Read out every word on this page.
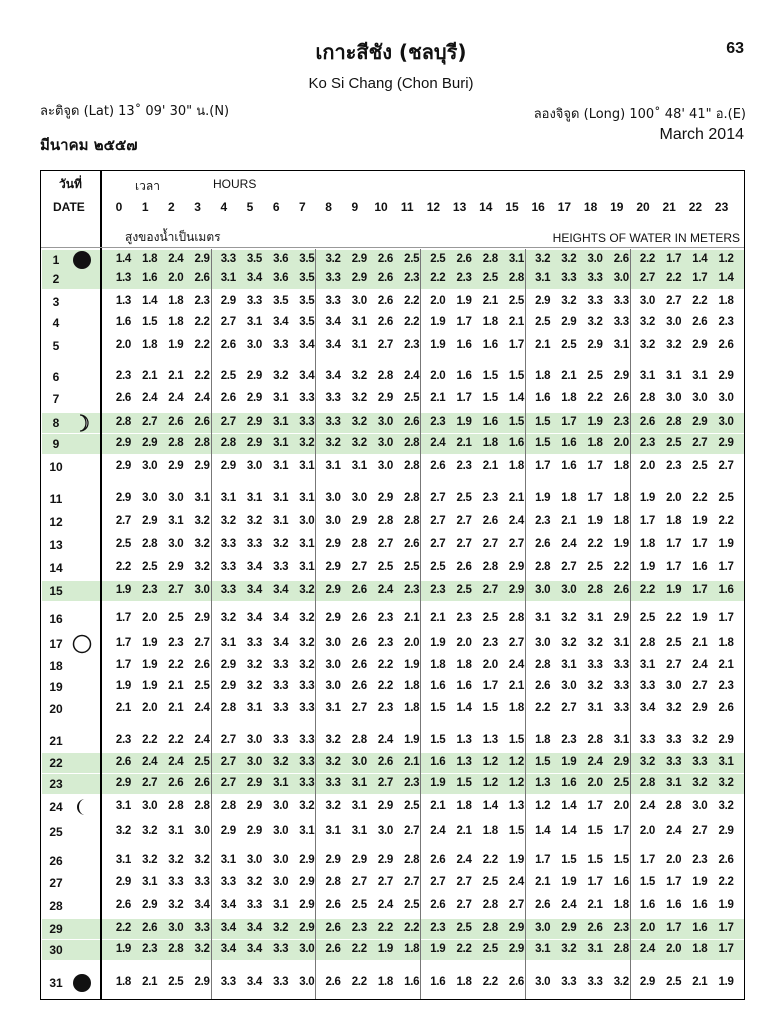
เกาะสีชัง (ชลบุรี)	63
Ko Si Chang (Chon Buri)
ละติจูด (Lat) 13˚ 09' 30" น.(N)	ลองจิจูด (Long) 100˚ 48' 41" อ.(E)
มีนาคม ๒๕๕๗
March 2014
วันที่
DATE
เวลา	HOURS
สูงของน้ำเป็นเมตร	HEIGHTS OF WATER IN METERS
0	1	2	3	4	5	6	7	8	9	10	11	12	13	14	15	16	17	18	19	20	21	22	23
1	1.4 1.8 2.4 2.9 3.3 3.5 3.6 3.5 3.2 2.9 2.6 2.5 2.5 2.6 2.8 3.1 3.2 3.2 3.0 2.6 2.2 1.7 1.4 1.2
2	1.3 1.6 2.0 2.6 3.1 3.4 3.6 3.5 3.3 2.9 2.6 2.3 2.2 2.3 2.5 2.8 3.1 3.3 3.3 3.0 2.7 2.2 1.7 1.4
3	1.3 1.4 1.8 2.3 2.9 3.3 3.5 3.5 3.3 3.0 2.6 2.2 2.0 1.9 2.1 2.5 2.9 3.2 3.3 3.3 3.0 2.7 2.2 1.8
4	1.6 1.5 1.8 2.2 2.7 3.1 3.4 3.5 3.4 3.1 2.6 2.2 1.9 1.7 1.8 2.1 2.5 2.9 3.2 3.3 3.2 3.0 2.6 2.3
5	2.0 1.8 1.9 2.2 2.6 3.0 3.3 3.4 3.4 3.1 2.7 2.3 1.9 1.6 1.6 1.7 2.1 2.5 2.9 3.1 3.2 3.2 2.9 2.6
6	2.3 2.1 2.1 2.2 2.5 2.9 3.2 3.4 3.4 3.2 2.8 2.4 2.0 1.6 1.5 1.5 1.8 2.1 2.5 2.9 3.1 3.1 3.1 2.9
7	2.6 2.4 2.4 2.4 2.6 2.9 3.1 3.3 3.3 3.2 2.9 2.5 2.1 1.7 1.5 1.4 1.6 1.8 2.2 2.6 2.8 3.0 3.0 3.0
8	2.8 2.7 2.6 2.6 2.7 2.9 3.1 3.3 3.3 3.2 3.0 2.6 2.3 1.9 1.6 1.5 1.5 1.7 1.9 2.3 2.6 2.8 2.9 3.0
9	2.9 2.9 2.8 2.8 2.8 2.9 3.1 3.2 3.2 3.2 3.0 2.8 2.4 2.1 1.8 1.6 1.5 1.6 1.8 2.0 2.3 2.5 2.7 2.9
10	2.9 3.0 2.9 2.9 2.9 3.0 3.1 3.1 3.1 3.1 3.0 2.8 2.6 2.3 2.1 1.8 1.7 1.6 1.7 1.8 2.0 2.3 2.5 2.7
11	2.9 3.0 3.0 3.1 3.1 3.1 3.1 3.1 3.0 3.0 2.9 2.8 2.7 2.5 2.3 2.1 1.9 1.8 1.7 1.8 1.9 2.0 2.2 2.5
12	2.7 2.9 3.1 3.2 3.2 3.2 3.1 3.0 3.0 2.9 2.8 2.8 2.7 2.7 2.6 2.4 2.3 2.1 1.9 1.8 1.7 1.8 1.9 2.2
13	2.5 2.8 3.0 3.2 3.3 3.3 3.2 3.1 2.9 2.8 2.7 2.6 2.7 2.7 2.7 2.7 2.6 2.4 2.2 1.9 1.8 1.7 1.7 1.9
14	2.2 2.5 2.9 3.2 3.3 3.4 3.3 3.1 2.9 2.7 2.5 2.5 2.5 2.6 2.8 2.9 2.8 2.7 2.5 2.2 1.9 1.7 1.6 1.7
15	1.9 2.3 2.7 3.0 3.3 3.4 3.4 3.2 2.9 2.6 2.4 2.3 2.3 2.5 2.7 2.9 3.0 3.0 2.8 2.6 2.2 1.9 1.7 1.6
16	1.7 2.0 2.5 2.9 3.2 3.4 3.4 3.2 2.9 2.6 2.3 2.1 2.1 2.3 2.5 2.8 3.1 3.2 3.1 2.9 2.5 2.2 1.9 1.7
17	1.7 1.9 2.3 2.7 3.1 3.3 3.4 3.2 3.0 2.6 2.3 2.0 1.9 2.0 2.3 2.7 3.0 3.2 3.2 3.1 2.8 2.5 2.1 1.8
18	1.7 1.9 2.2 2.6 2.9 3.2 3.3 3.2 3.0 2.6 2.2 1.9 1.8 1.8 2.0 2.4 2.8 3.1 3.3 3.3 3.1 2.7 2.4 2.1
19	1.9 1.9 2.1 2.5 2.9 3.2 3.3 3.3 3.0 2.6 2.2 1.8 1.6 1.6 1.7 2.1 2.6 3.0 3.2 3.3 3.3 3.0 2.7 2.3
20	2.1 2.0 2.1 2.4 2.8 3.1 3.3 3.3 3.1 2.7 2.3 1.8 1.5 1.4 1.5 1.8 2.2 2.7 3.1 3.3 3.4 3.2 2.9 2.6
21	2.3 2.2 2.2 2.4 2.7 3.0 3.3 3.3 3.2 2.8 2.4 1.9 1.5 1.3 1.3 1.5 1.8 2.3 2.8 3.1 3.3 3.3 3.2 2.9
22	2.6 2.4 2.4 2.5 2.7 3.0 3.2 3.3 3.2 3.0 2.6 2.1 1.6 1.3 1.2 1.2 1.5 1.9 2.4 2.9 3.2 3.3 3.3 3.1
23	2.9 2.7 2.6 2.6 2.7 2.9 3.1 3.3 3.3 3.1 2.7 2.3 1.9 1.5 1.2 1.2 1.3 1.6 2.0 2.5 2.8 3.1 3.2 3.2
24	3.1 3.0 2.8 2.8 2.8 2.9 3.0 3.2 3.2 3.1 2.9 2.5 2.1 1.8 1.4 1.3 1.2 1.4 1.7 2.0 2.4 2.8 3.0 3.2
25	3.2 3.2 3.1 3.0 2.9 2.9 3.0 3.1 3.1 3.1 3.0 2.7 2.4 2.1 1.8 1.5 1.4 1.4 1.5 1.7 2.0 2.4 2.7 2.9
26	3.1 3.2 3.2 3.2 3.1 3.0 3.0 2.9 2.9 2.9 2.9 2.8 2.6 2.4 2.2 1.9 1.7 1.5 1.5 1.5 1.7 2.0 2.3 2.6
27	2.9 3.1 3.3 3.3 3.3 3.2 3.0 2.9 2.8 2.7 2.7 2.7 2.7 2.7 2.5 2.4 2.1 1.9 1.7 1.6 1.5 1.7 1.9 2.2
28	2.6 2.9 3.2 3.4 3.4 3.3 3.1 2.9 2.6 2.5 2.4 2.5 2.6 2.7 2.8 2.7 2.6 2.4 2.1 1.8 1.6 1.6 1.6 1.9
29	2.2 2.6 3.0 3.3 3.4 3.4 3.2 2.9 2.6 2.3 2.2 2.2 2.3 2.5 2.8 2.9 3.0 2.9 2.6 2.3 2.0 1.7 1.6 1.7
30	1.9 2.3 2.8 3.2 3.4 3.4 3.3 3.0 2.6 2.2 1.9 1.8 1.9 2.2 2.5 2.9 3.1 3.2 3.1 2.8 2.4 2.0 1.8 1.7
31	1.8 2.1 2.5 2.9 3.3 3.4 3.3 3.0 2.6 2.2 1.8 1.6 1.6 1.8 2.2 2.6 3.0 3.3 3.3 3.2 2.9 2.5 2.1 1.9
